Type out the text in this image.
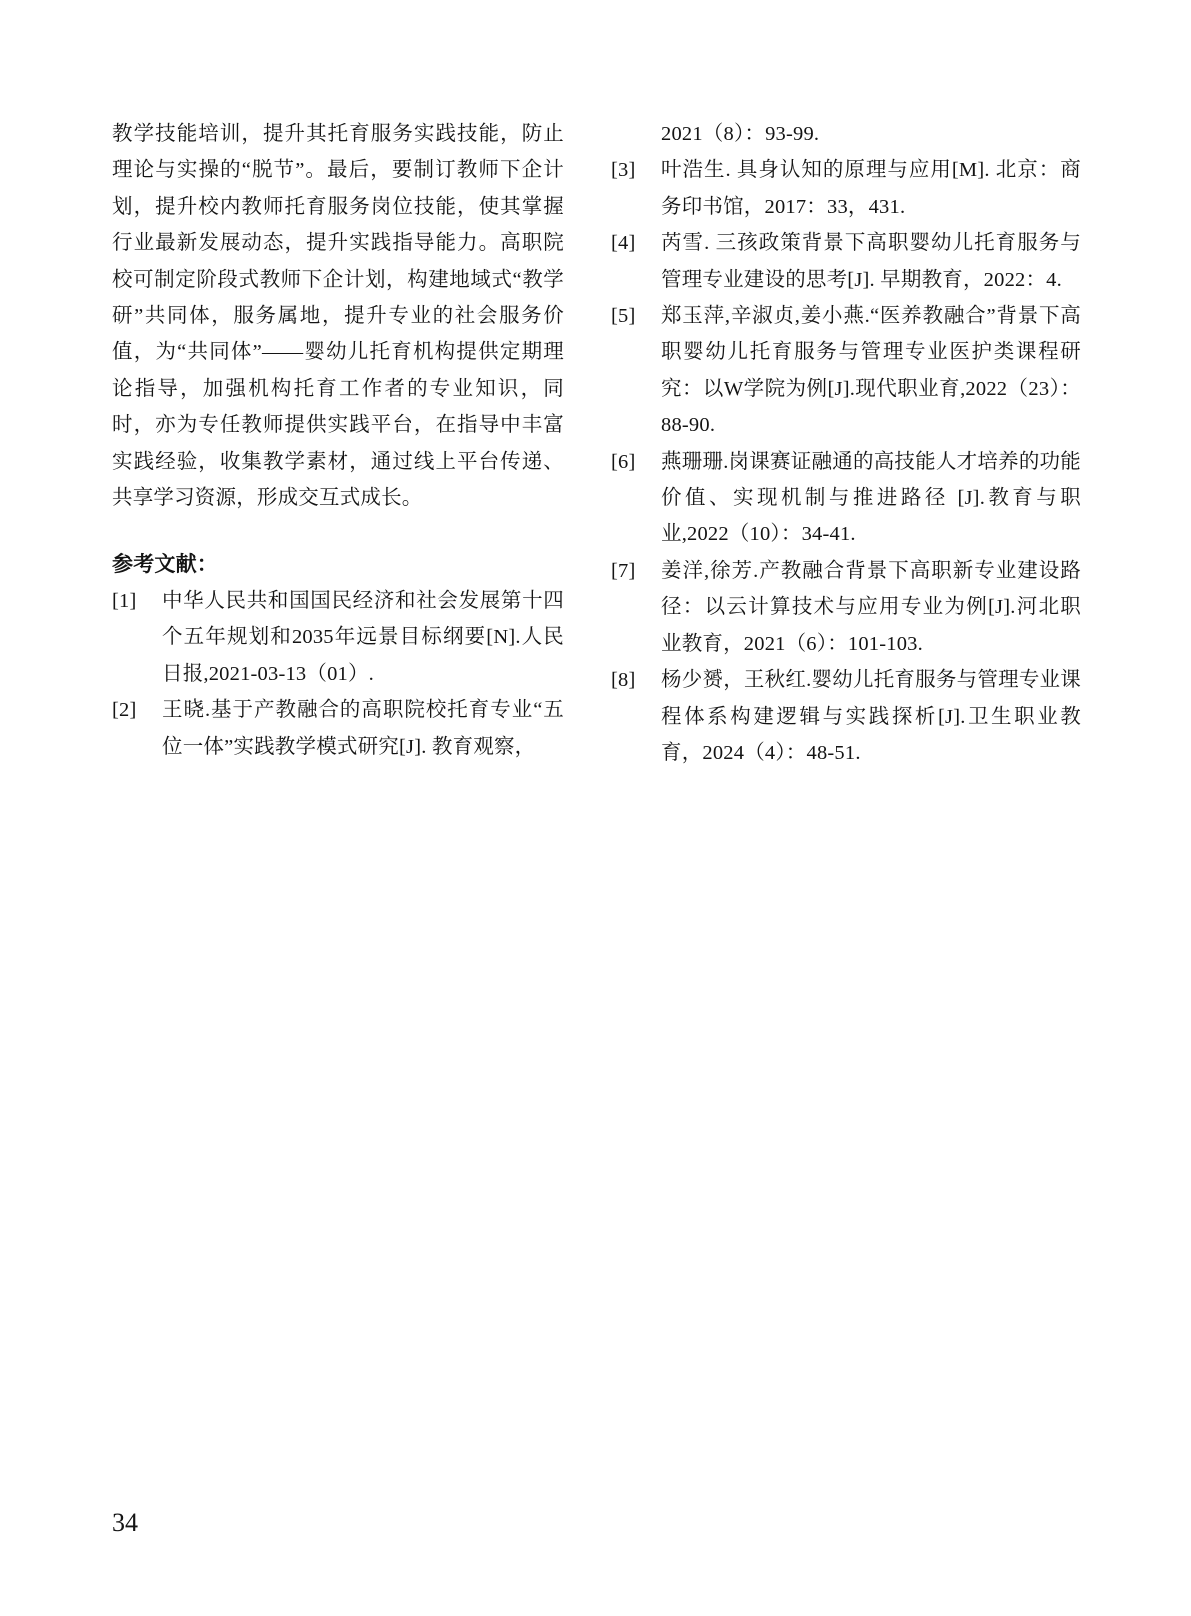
教学技能培训，提升其托育服务实践技能，防止理论与实操的“脱节”。最后，要制订教师下企计划，提升校内教师托育服务岗位技能，使其掌握行业最新发展动态，提升实践指导能力。高职院校可制定阶段式教师下企计划，构建地域式“教学研”共同体，服务属地，提升专业的社会服务价值，为“共同体”——婴幼儿托育机构提供定期理论指导，加强机构托育工作者的专业知识，同时，亦为专任教师提供实践平台，在指导中丰富实践经验，收集教学素材，通过线上平台传递、共享学习资源，形成交互式成长。

参考文献：
[1] 中华人民共和国国民经济和社会发展第十四个五年规划和2035年远景目标纲要[N].人民日报,2021-03-13（01）.
[2] 王晓.基于产教融合的高职院校托育专业“五位一体”实践教学模式研究[J]. 教育观察，
2021（8）：93-99.
[3] 叶浩生. 具身认知的原理与应用[M]. 北京：商务印书馆，2017：33，431.
[4] 芮雪. 三孩政策背景下高职婴幼儿托育服务与管理专业建设的思考[J]. 早期教育，2022：4.
[5] 郑玉萍,辛淑贞,姜小燕.“医养教融合”背景下高职婴幼儿托育服务与管理专业医护类课程研究：以W学院为例[J].现代职业育,2022（23）：88-90.
[6] 燕珊珊.岗课赛证融通的高技能人才培养的功能价值、实现机制与推进路径 [J].教育与职业,2022（10）：34-41.
[7] 姜洋,徐芳.产教融合背景下高职新专业建设路径：以云计算技术与应用专业为例[J].河北职业教育，2021（6）：101-103.
[8] 杨少赟，王秋红.婴幼儿托育服务与管理专业课程体系构建逻辑与实践探析[J].卫生职业教育，2024（4）：48-51.
34
